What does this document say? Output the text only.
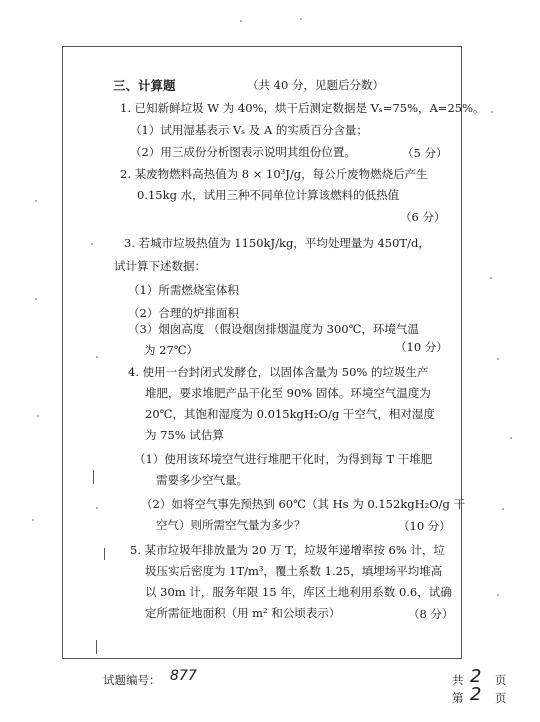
三、计算题	（共 40 分，见题后分数）
1. 已知新鲜垃圾 W 为 40%，烘干后测定数据是 Vₛ=75%，A=25%。
（1）试用湿基表示 Vₛ 及 A 的实质百分含量；
（2）用三成份分析图表示说明其组份位置。	（5 分）
2. 某废物燃料高热值为 8 × 10³J/g，每公斤废物燃烧后产生
0.15kg 水，试用三种不同单位计算该燃料的低热值
（6 分）
3. 若城市垃圾热值为 1150kJ/kg，平均处理量为 450T/d，
试计算下述数据：
（1）所需燃烧室体积
（2）合理的炉排面积
（3）烟囱高度 （假设烟囱排烟温度为 300℃，环境气温
为 27℃）	（10 分）
4. 使用一台封闭式发酵仓，以固体含量为 50% 的垃圾生产
堆肥，要求堆肥产品干化至 90% 固体。环境空气温度为
20℃，其饱和湿度为 0.015kgH₂O/g 干空气，相对湿度
为 75% 试估算
（1）使用该环境空气进行堆肥干化时，为得到每 T 干堆肥
需要多少空气量。
（2）如将空气事先预热到 60℃（其 Hs 为 0.152kgH₂O/g 干
空气）则所需空气量为多少？	（10 分）
5. 某市垃圾年排放量为 20 万 T，垃圾年递增率按 6% 计，垃
圾压实后密度为 1T/m³，覆土系数 1.25，填埋场平均堆高
以 30m 计，服务年限 15 年，库区土地利用系数 0.6，试确
定所需征地面积（用 m² 和公顷表示）	（8 分）
试题编号： 877	共 2 页
第 2 页
